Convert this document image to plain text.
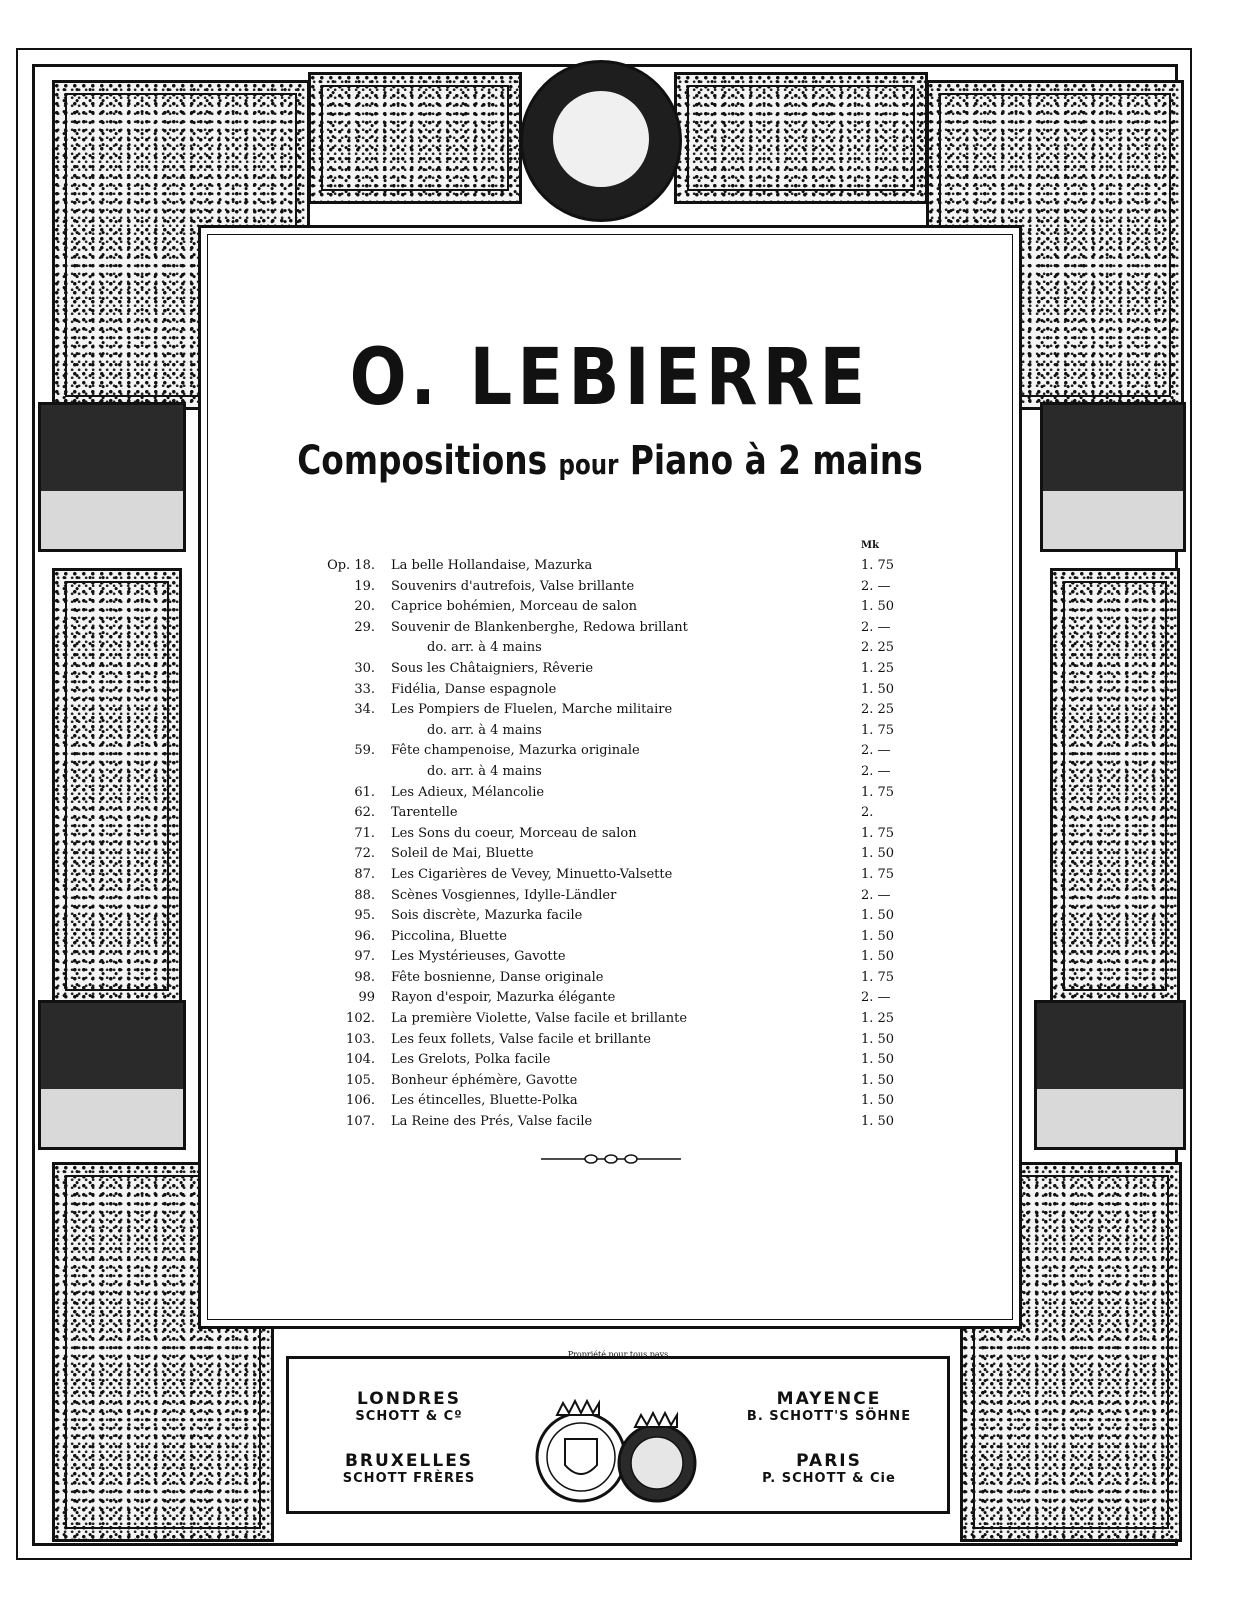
O. LEBIERRE
Compositions pour Piano à 2 mains
Mk
Op. 18. La belle Hollandaise, Mazurka	1. 75
19. Souvenirs d'autrefois, Valse brillante	2. —
20. Caprice bohémien, Morceau de salon	1. 50
29. Souvenir de Blankenberghe, Redowa brillant	2. —
do. arr. à 4 mains	2. 25
30. Sous les Châtaigniers, Rêverie	1. 25
33. Fidélia, Danse espagnole	1. 50
34. Les Pompiers de Fluelen, Marche militaire	2. 25
do. arr. à 4 mains	1. 75
59. Fête champenoise, Mazurka originale	2. —
do. arr. à 4 mains	2. —
61. Les Adieux, Mélancolie	1. 75
62. Tarentelle	2.
71. Les Sons du coeur, Morceau de salon	1. 75
72. Soleil de Mai, Bluette	1. 50
87. Les Cigarières de Vevey, Minuetto-Valsette	1. 75
88. Scènes Vosgiennes, Idylle-Ländler	2. —
95. Sois discrète, Mazurka facile	1. 50
96. Piccolina, Bluette	1. 50
97. Les Mystérieuses, Gavotte	1. 50
98. Fête bosnienne, Danse originale	1. 75
99 Rayon d'espoir, Mazurka élégante	2. —
102. La première Violette, Valse facile et brillante	1. 25
103. Les feux follets, Valse facile et brillante	1. 50
104. Les Grelots, Polka facile	1. 50
105. Bonheur éphémère, Gavotte	1. 50
106. Les étincelles, Bluette-Polka	1. 50
107. La Reine des Prés, Valse facile	1. 50
Propriété pour tous pays
LONDRES
SCHOTT & Cº
BRUXELLES
SCHOTT FRÈRES
MAYENCE
B. SCHOTT'S SÖHNE
PARIS
P. SCHOTT & Cie
